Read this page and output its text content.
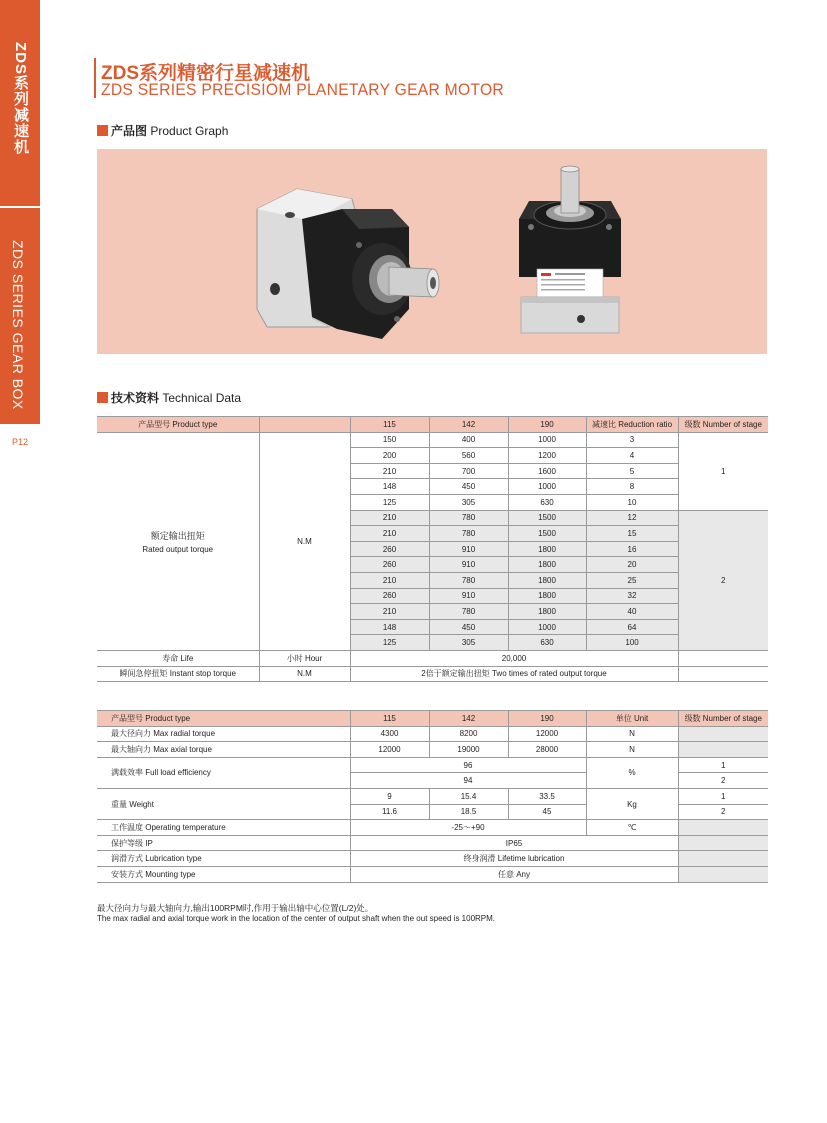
ZDS系列减速机
ZDS SERIES GEAR BOX
P12
ZDS系列精密行星减速机
ZDS SERIES PRECISIOM PLANETARY GEAR MOTOR
产品图 Product Graph
技术资料 Technical Data
产品型号 Product type		115	142	190	减速比 Reduction ratio	级数 Number of stage

额定输出扭矩
Rated output torque	N.M	150	400	1000	3	1
		200	560	1200	4	
		210	700	1600	5	
		148	450	1000	8	
		125	305	630	10	
		210	780	1500	12	2
		210	780	1500	15	
		260	910	1800	16	
		260	910	1800	20	
		210	780	1800	25	
		260	910	1800	32	
		210	780	1800	40	
		148	450	1000	64	
		125	305	630	100	
寿命 Life	小时 Hour	20,000				
瞬间急停扭矩 Instant stop torque	N.M	2倍于额定输出扭矩 Two times of rated output torque				
产品型号 Product type	115	142	190	单位 Unit	级数 Number of stage
最大径向力 Max radial torque	4300	8200	12000	N	
最大轴向力 Max axial torque	12000	19000	28000	N	
满载效率 Full load efficiency	96			%	1
	94				2
重量 Weight	9	15.4	33.5	Kg	1
	11.6	18.5	45		2
工作温度 Operating temperature	-25～+90			℃	
保护等级 IP	IP65				
润滑方式 Lubrication type	终身润滑 Lifetime lubrication				
安装方式 Mounting type	任意 Any				
最大径向力与最大轴向力,输出100RPM时,作用于输出轴中心位置(L/2)处。
The max radial and axial torque work in the location of the center of output shaft when the out speed is 100RPM.
